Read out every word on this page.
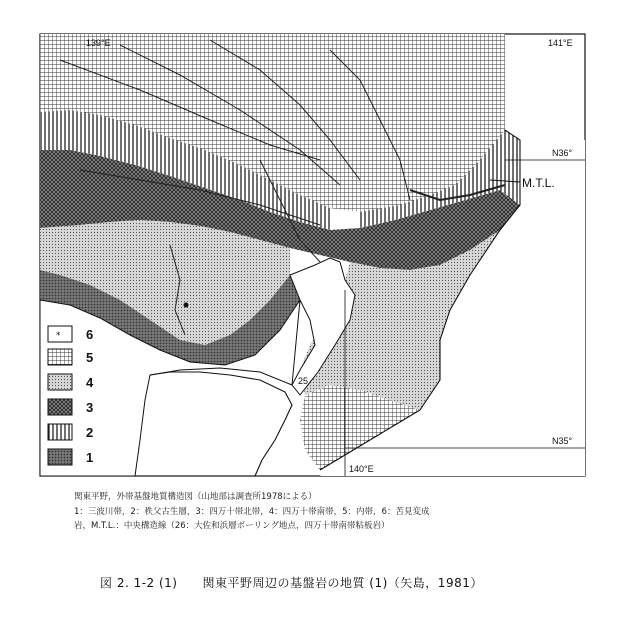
M.T.L.
139°E	141°E
N36°
N35°
140°E
25
* 6
5
4
3
2
1
関東平野，外帯基盤地質構造図（山地部は調査所1978による）
1：三波川帯，2：秩父古生層，3：四万十帯北帯，4：四万十帯南帯，5：内帯，6：苦見変成
岩，M.T.L.：中央構造線（26：大佐和浜層ボーリング地点，四万十帯南帯粘板岩）
図 2. 1-2 (1)　　関東平野周辺の基盤岩の地質 (1)（矢島，1981）
